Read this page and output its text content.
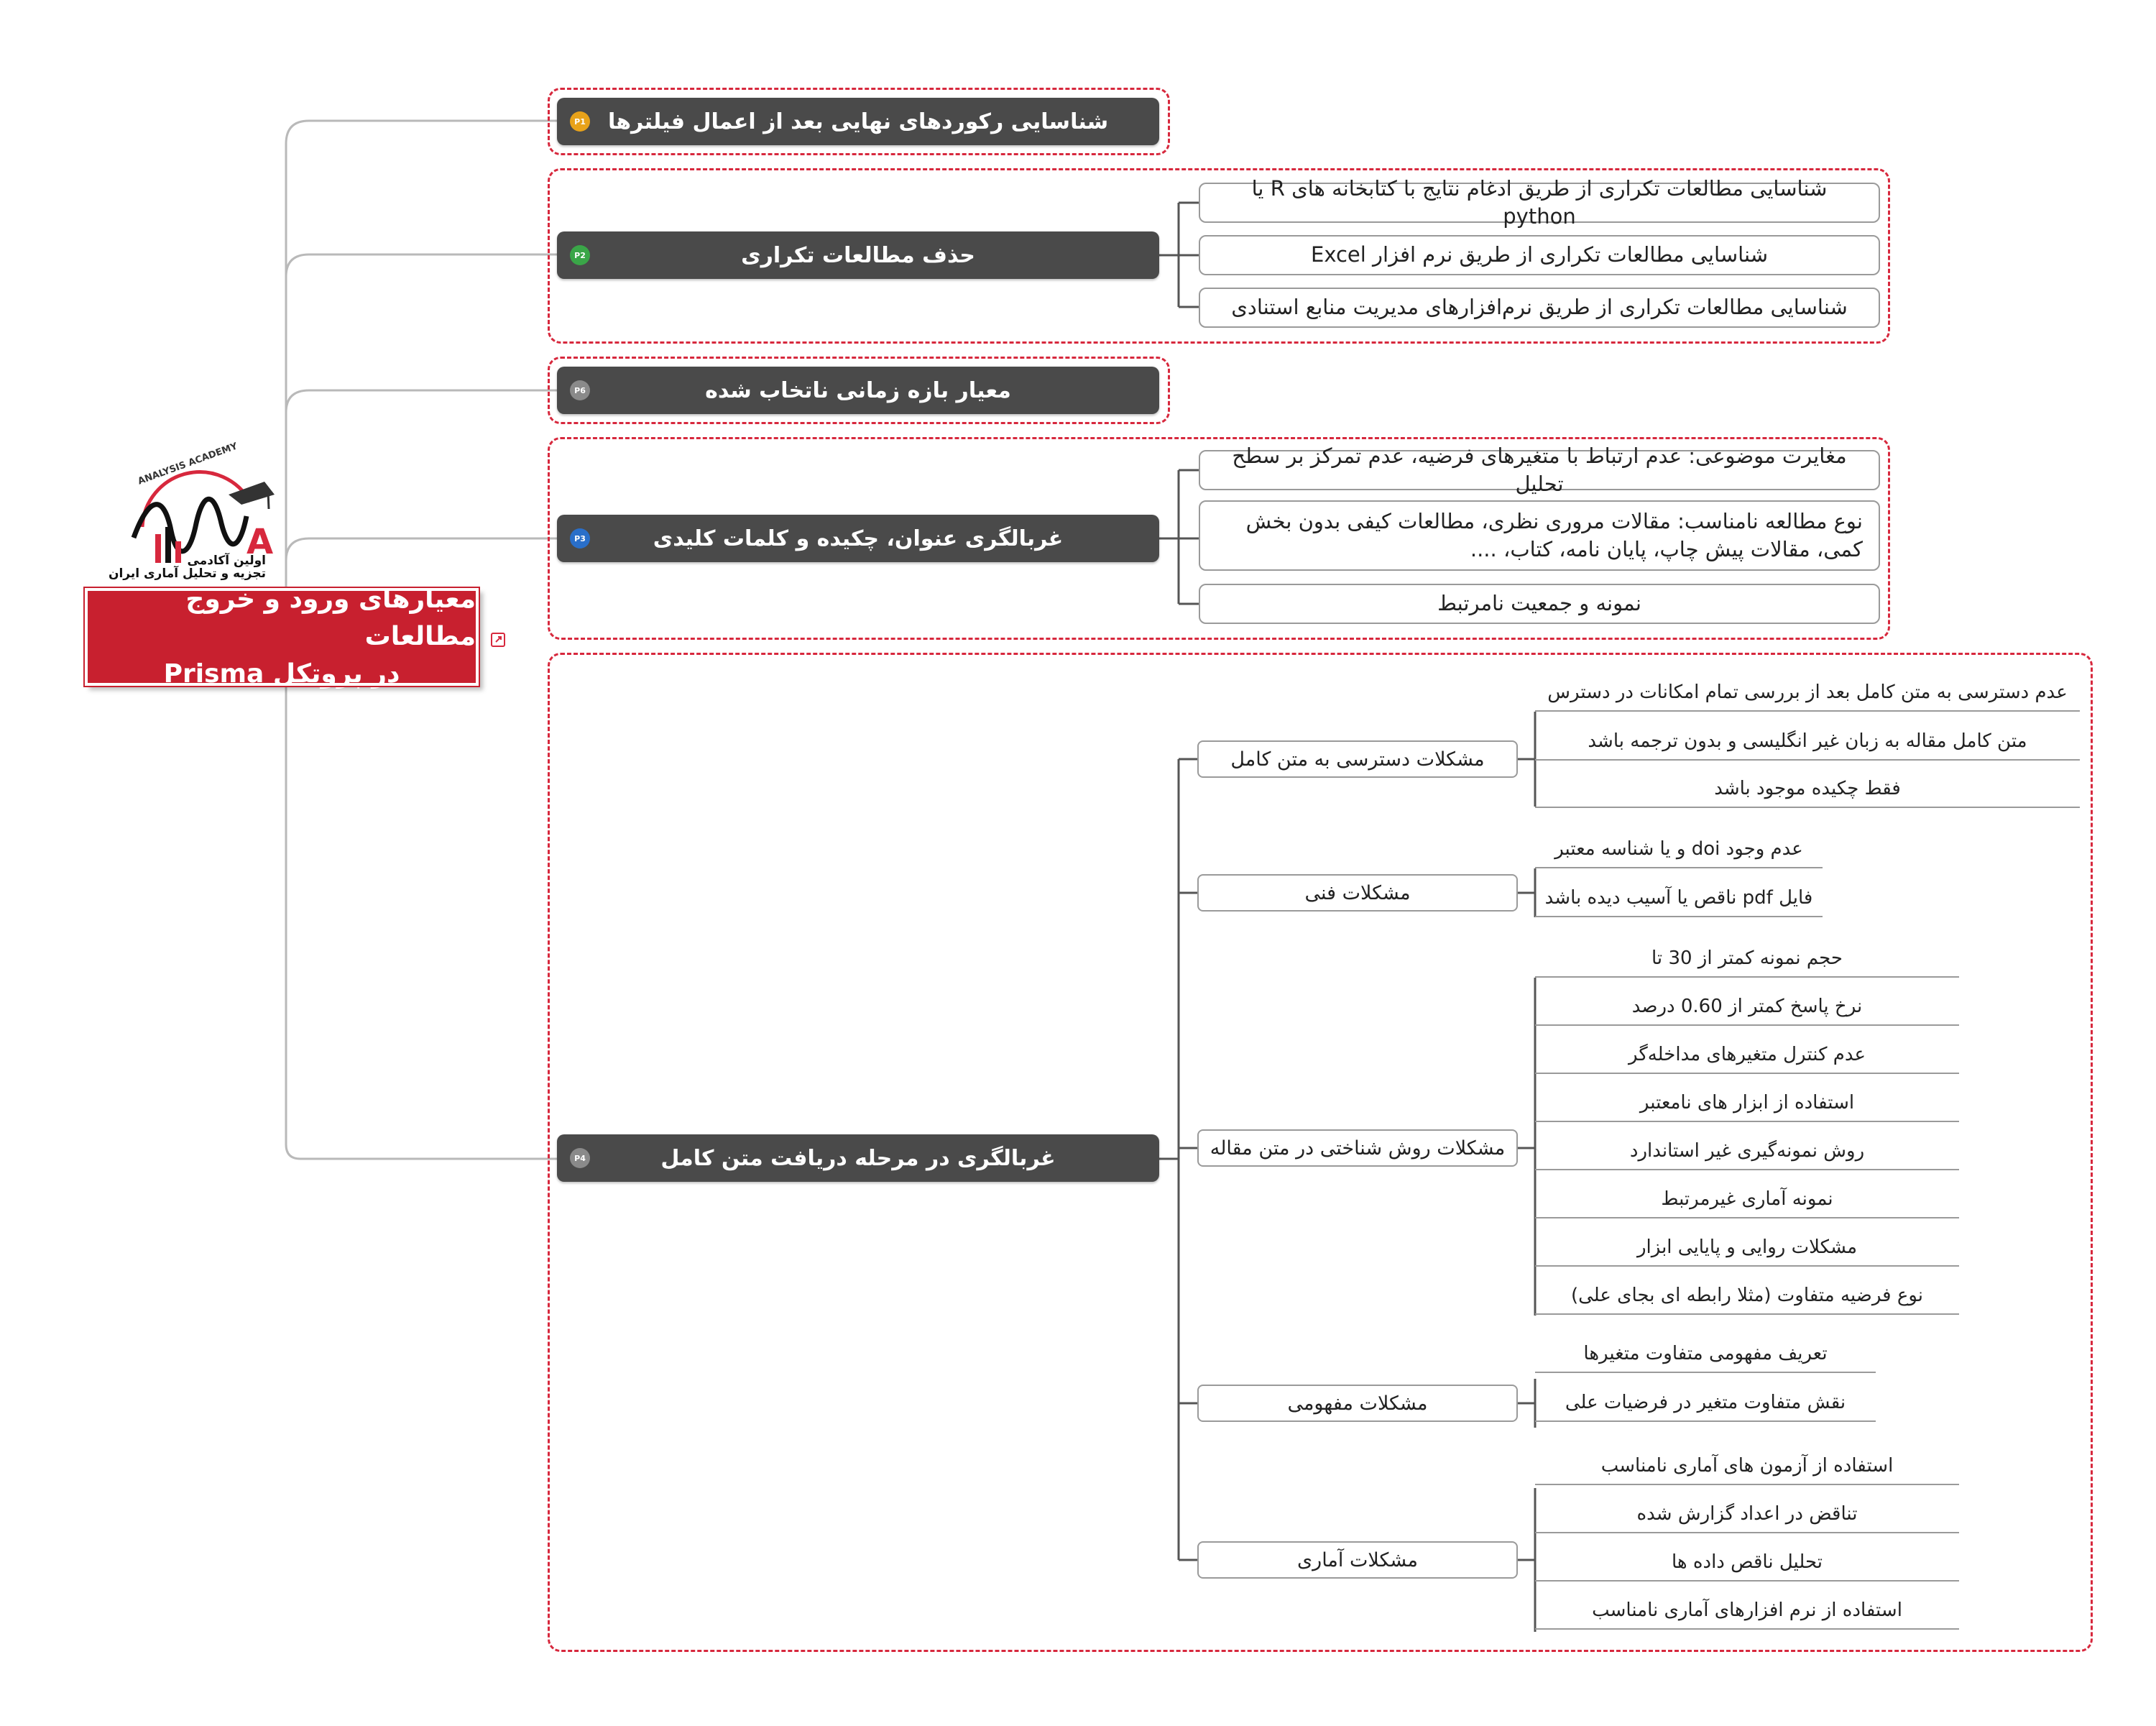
ANALYSIS ACADEMY
A
اولین آکادمی
تجزیه و تحلیل آماری ایران
معیارهای ورود و خروج مطالعات
در پروتکل Prisma
P1 شناسایی رکوردهای نهایی بعد از اعمال فیلترها
P2	حذف مطالعات تکراری
P6	معیار بازه زمانی ناتخاب شده
P3	غربالگری عنوان، چکیده و کلمات کلیدی
P4	غربالگری در مرحله دریافت متن کامل
شناسایی مطالعات تکراری از طریق ادغام نتایج با کتابخانه های R یا python
شناسایی مطالعات تکراری از طریق نرم افزار Excel
شناسایی مطالعات تکراری از طریق نرم‌افزارهای مدیریت منابع استنادی
مغایرت موضوعی: عدم ارتباط با متغیرهای فرضیه، عدم تمرکز بر سطح تحلیل
نوع مطالعه نامناسب: مقالات مروری نظری، مطالعات کیفی بدون بخش کمی، مقالات پیش چاپ، پایان نامه، کتاب، ....
نمونه و جمعیت نامرتبط
مشکلات دسترسی به متن کامل
مشکلات فنی
مشکلات روش شناختی در متن مقاله
مشکلات مفهومی
مشکلات آماری
عدم دسترسی به متن کامل بعد از بررسی تمام امکانات در دسترس
متن کامل مقاله به زبان غیر انگلیسی و بدون ترجمه باشد
فقط چکیده موجود باشد
عدم وجود doi و یا شناسه معتبر
فایل pdf ناقص یا آسیب دیده باشد
حجم نمونه کمتر از 30 تا
نرخ پاسخ کمتر از 0.60 درصد
عدم کنترل متغیرهای مداخله‌گر
استفاده از ابزار های نامعتبر
روش نمونه‌گیری غیر استاندارد
نمونه آماری غیرمرتبط
مشکلات روایی و پایایی ابزار
نوع فرضیه متفاوت (مثلا رابطه ای بجای علی)
تعریف مفهومی متفاوت متغیرها
نقش متفاوت متغیر در فرضیات علی
استفاده از آزمون های آماری نامناسب
تناقض در اعداد گزارش شده
تحلیل ناقص داده ها
استفاده از نرم افزارهای آماری نامناسب
